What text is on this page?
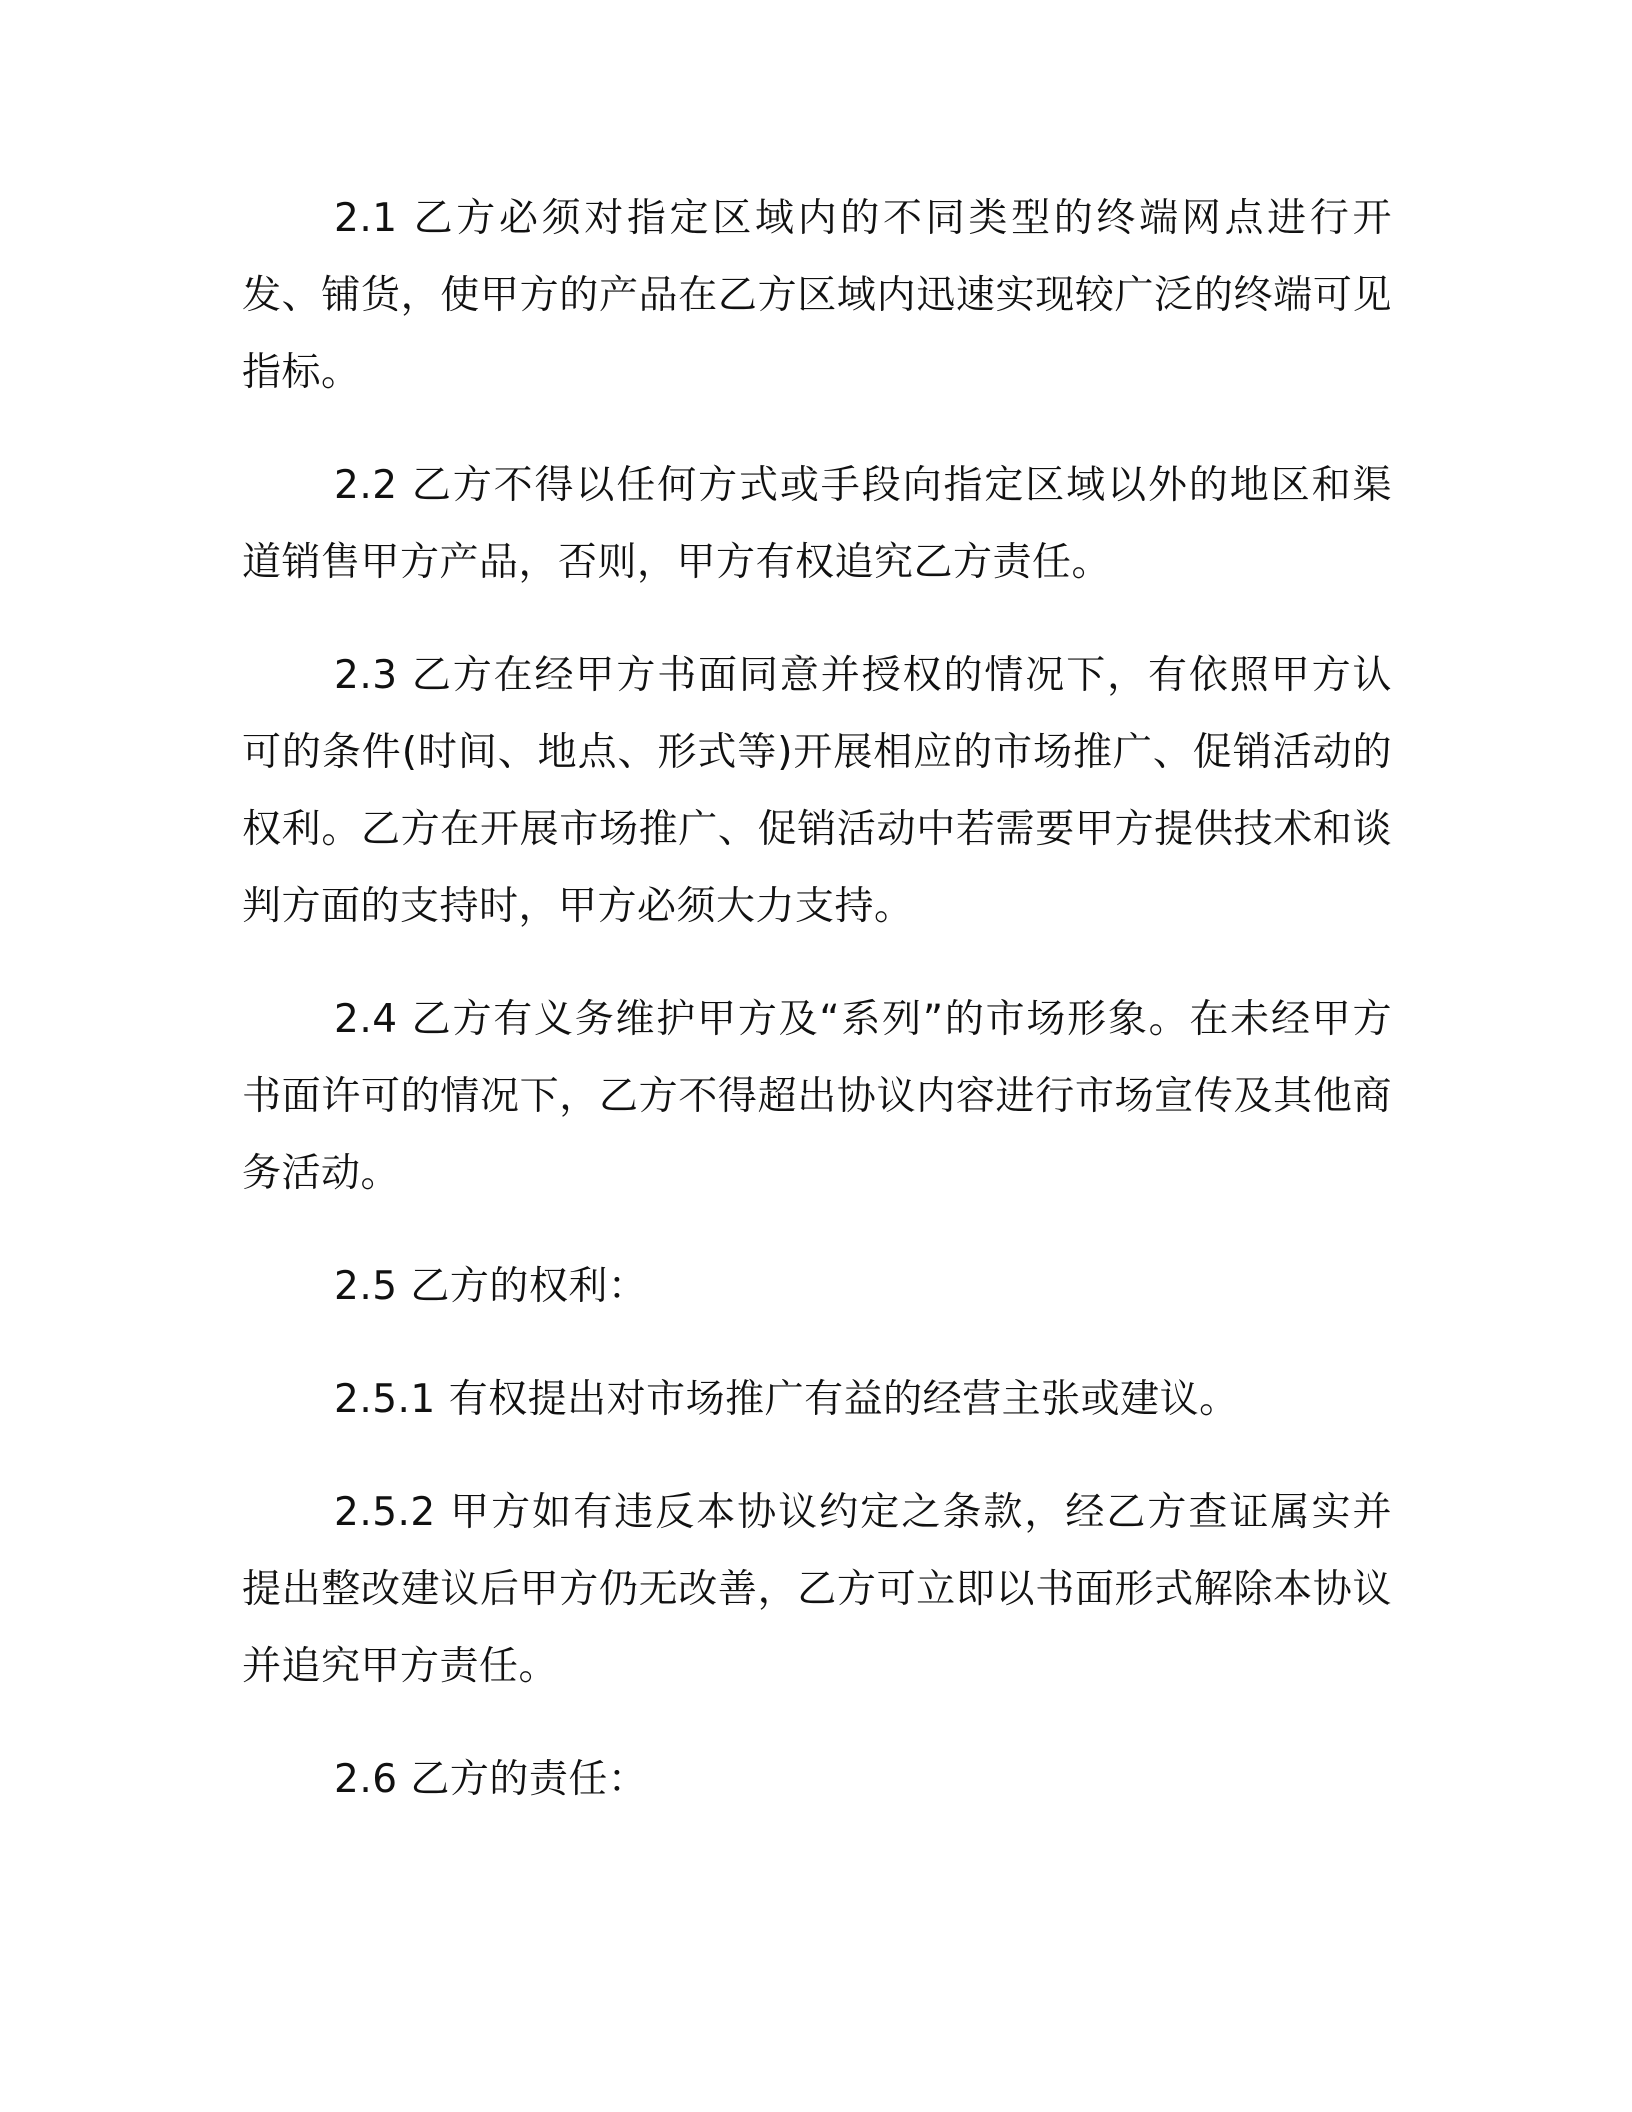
2.1 乙方必须对指定区域内的不同类型的终端网点进行开发、铺货，使甲方的产品在乙方区域内迅速实现较广泛的终端可见指标。

2.2 乙方不得以任何方式或手段向指定区域以外的地区和渠道销售甲方产品，否则，甲方有权追究乙方责任。

2.3 乙方在经甲方书面同意并授权的情况下，有依照甲方认可的条件(时间、地点、形式等)开展相应的市场推广、促销活动的权利。乙方在开展市场推广、促销活动中若需要甲方提供技术和谈判方面的支持时，甲方必须大力支持。

2.4 乙方有义务维护甲方及“系列”的市场形象。在未经甲方书面许可的情况下，乙方不得超出协议内容进行市场宣传及其他商务活动。

2.5 乙方的权利：

2.5.1 有权提出对市场推广有益的经营主张或建议。

2.5.2 甲方如有违反本协议约定之条款，经乙方查证属实并提出整改建议后甲方仍无改善，乙方可立即以书面形式解除本协议并追究甲方责任。

2.6 乙方的责任：
